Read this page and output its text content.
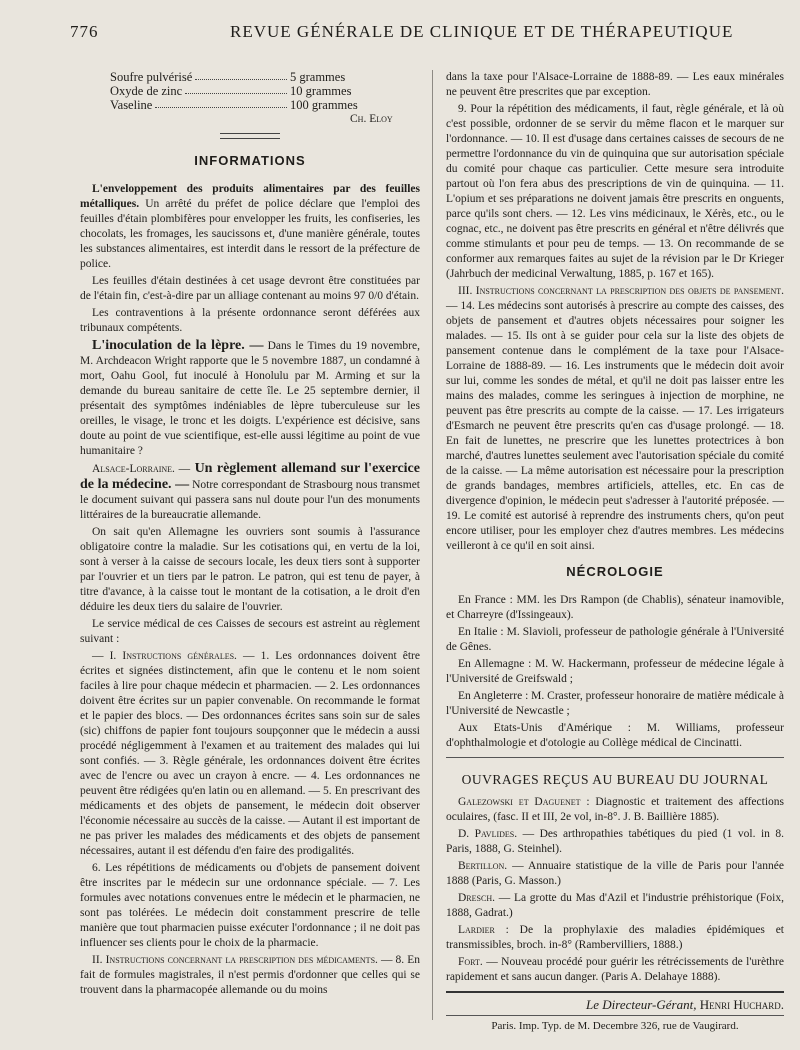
776	REVUE GÉNÉRALE DE CLINIQUE ET DE THÉRAPEUTIQUE
Soufre pulvérisé	5 grammes
Oxyde de zinc	10 grammes
Vaseline	100 grammes
Ch. Eloy
INFORMATIONS

L'enveloppement des produits alimentaires par des feuilles métalliques. Un arrêté du préfet de police déclare que l'emploi des feuilles d'étain plombifères pour envelopper les fruits, les confiseries, les chocolats, les fromages, les saucissons et, d'une manière générale, toutes les substances alimentaires, est interdit dans le ressort de la préfecture de police.

Les feuilles d'étain destinées à cet usage devront être constituées par de l'étain fin, c'est-à-dire par un alliage contenant au moins 97 0/0 d'étain.

Les contraventions à la présente ordonnance seront déférées aux tribunaux compétents.

L'inoculation de la lèpre. — Dans le Times du 19 novembre, M. Archdeacon Wright rapporte que le 5 novembre 1887, un condamné à mort, Oahu Gool, fut inoculé à Honolulu par M. Arming et sur la demande du bureau sanitaire de cette île. Le 25 septembre dernier, il présentait des symptômes indéniables de lèpre tuberculeuse sur les oreilles, le visage, le tronc et les doigts. L'expérience est décisive, sans doute au point de vue scientifique, est-elle aussi légitime au point de vue humanitaire ?

Alsace-Lorraine. — Un règlement allemand sur l'exercice de la médecine. — Notre correspondant de Strasbourg nous transmet le document suivant qui passera sans nul doute pour l'un des monuments littéraires de la bureaucratie allemande.

On sait qu'en Allemagne les ouvriers sont soumis à l'assurance obligatoire contre la maladie. Sur les cotisations qui, en vertu de la loi, sont à verser à la caisse de secours locale, les deux tiers sont à supporter par l'ouvrier et un tiers par le patron. Le patron, qui est tenu de payer, à titre d'avance, à la caisse tout le montant de la cotisation, a le droit d'en déduire les deux tiers du salaire de l'ouvrier.

Le service médical de ces Caisses de secours est astreint au règlement suivant :

— I. Instructions générales. — 1. Les ordonnances doivent être écrites et signées distinctement, afin que le contenu et le nom soient faciles à lire pour chaque médecin et pharmacien. — 2. Les ordonnances doivent être écrites sur un papier convenable. On recommande le format et le papier des blocs. — Des ordonnances écrites sans soin sur de sales (sic) chiffons de papier font toujours soupçonner que le médecin a aussi procédé négligemment à l'examen et au traitement des malades qui lui sont confiés. — 3. Règle générale, les ordonnances doivent être écrites avec de l'encre ou avec un crayon à encre. — 4. Les ordonnances ne peuvent être rédigées qu'en latin ou en allemand. — 5. En prescrivant des médicaments et des objets de pansement, le médecin doit observer l'économie nécessaire au succès de la caisse. — Autant il est important de ne pas priver les malades des médicaments et des objets de pansement nécessaires, autant il est défendu d'en faire des prodigalités.

6. Les répétitions de médicaments ou d'objets de pansement doivent être inscrites par le médecin sur une ordonnance spéciale. — 7. Les formules avec notations convenues entre le médecin et le pharmacien, ne sont pas tolérées. Le médecin doit constamment prescrire de telle manière que tout pharmacien puisse exécuter l'ordonnance ; il ne doit pas influencer ses clients pour le choix de la pharmacie.

II. Instructions concernant la prescription des médicaments. — 8. En fait de formules magistrales, il n'est permis d'ordonner que celles qui se trouvent dans la pharmacopée allemande ou du moins

dans la taxe pour l'Alsace-Lorraine de 1888-89. — Les eaux minérales ne peuvent être prescrites que par exception.

9. Pour la répétition des médicaments, il faut, règle générale, et là où c'est possible, ordonner de se servir du même flacon et le marquer sur l'ordonnance. — 10. Il est d'usage dans certaines caisses de secours de ne permettre l'ordonnance du vin de quinquina que sur autorisation spéciale du comité pour chaque cas particulier. Cette mesure sera introduite partout où l'on fera abus des prescriptions de vin de quinquina. — 11. L'opium et ses préparations ne doivent jamais être prescrits en onguents, parce qu'ils sont chers. — 12. Les vins médicinaux, le Xérès, etc., ou le cognac, etc., ne doivent pas être prescrits en général et n'être délivrés que comme stimulants et pour peu de temps. — 13. On recommande de se conformer aux remarques faites au sujet de la révision par le Dr Krieger (Jahrbuch der medicinal Verwaltung, 1885, p. 167 et 165).

III. Instructions concernant la prescription des objets de pansement. — 14. Les médecins sont autorisés à prescrire au compte des caisses, des objets de pansement et d'autres objets nécessaires pour soigner les malades. — 15. Ils ont à se guider pour cela sur la liste des objets de pansement contenue dans le complément de la taxe pour l'Alsace-Lorraine de 1888-89. — 16. Les instruments que le médecin doit avoir sur lui, comme les sondes de métal, et qu'il ne doit pas laisser entre les mains des malades, comme les seringues à injection de morphine, ne peuvent pas être prescrits au compte de la caisse. — 17. Les irrigateurs d'Esmarch ne peuvent être prescrits qu'en cas d'usage prolongé. — 18. En fait de lunettes, ne prescrire que les lunettes protectrices à bon marché, d'autres lunettes seulement avec l'autorisation spéciale du comité de la caisse. — La même autorisation est nécessaire pour la prescription de grands bandages, membres artificiels, attelles, etc. En cas de divergence d'opinion, le médecin peut s'adresser à l'autorité préposée. — 19. Le comité est autorisé à reprendre des instruments chers, qu'on peut encore utiliser, pour les employer chez d'autres membres. Les médecins veilleront à ce qu'il en soit ainsi.

NÉCROLOGIE

En France : MM. les Drs Rampon (de Chablis), sénateur inamovible, et Charreyre (d'Issingeaux).

En Italie : M. Slavioli, professeur de pathologie générale à l'Université de Gênes.

En Allemagne : M. W. Hackermann, professeur de médecine légale à l'Université de Greifswald ;

En Angleterre : M. Craster, professeur honoraire de matière médicale à l'Université de Newcastle ;

Aux Etats-Unis d'Amérique : M. Williams, professeur d'ophthalmologie et d'otologie au Collège médical de Cincinatti.

OUVRAGES REÇUS AU BUREAU DU JOURNAL

Galezowski et Daguenet : Diagnostic et traitement des affections oculaires, (fasc. II et III, 2e vol, in-8°. J. B. Baillière 1885).

D. Pavlides. — Des arthropathies tabétiques du pied (1 vol. in 8. Paris, 1888, G. Steinhel).

Bertillon. — Annuaire statistique de la ville de Paris pour l'année 1888 (Paris, G. Masson.)

Dresch. — La grotte du Mas d'Azil et l'industrie préhistorique (Foix, 1888, Gadrat.)

Lardier : De la prophylaxie des maladies épidémiques et transmissibles, broch. in-8° (Rambervilliers, 1888.)

Fort. — Nouveau procédé pour guérir les rétrécissements de l'urèthre rapidement et sans aucun danger. (Paris A. Delahaye 1888).

Le Directeur-Gérant, Henri Huchard.
Paris. Imp. Typ. de M. Decembre 326, rue de Vaugirard.
